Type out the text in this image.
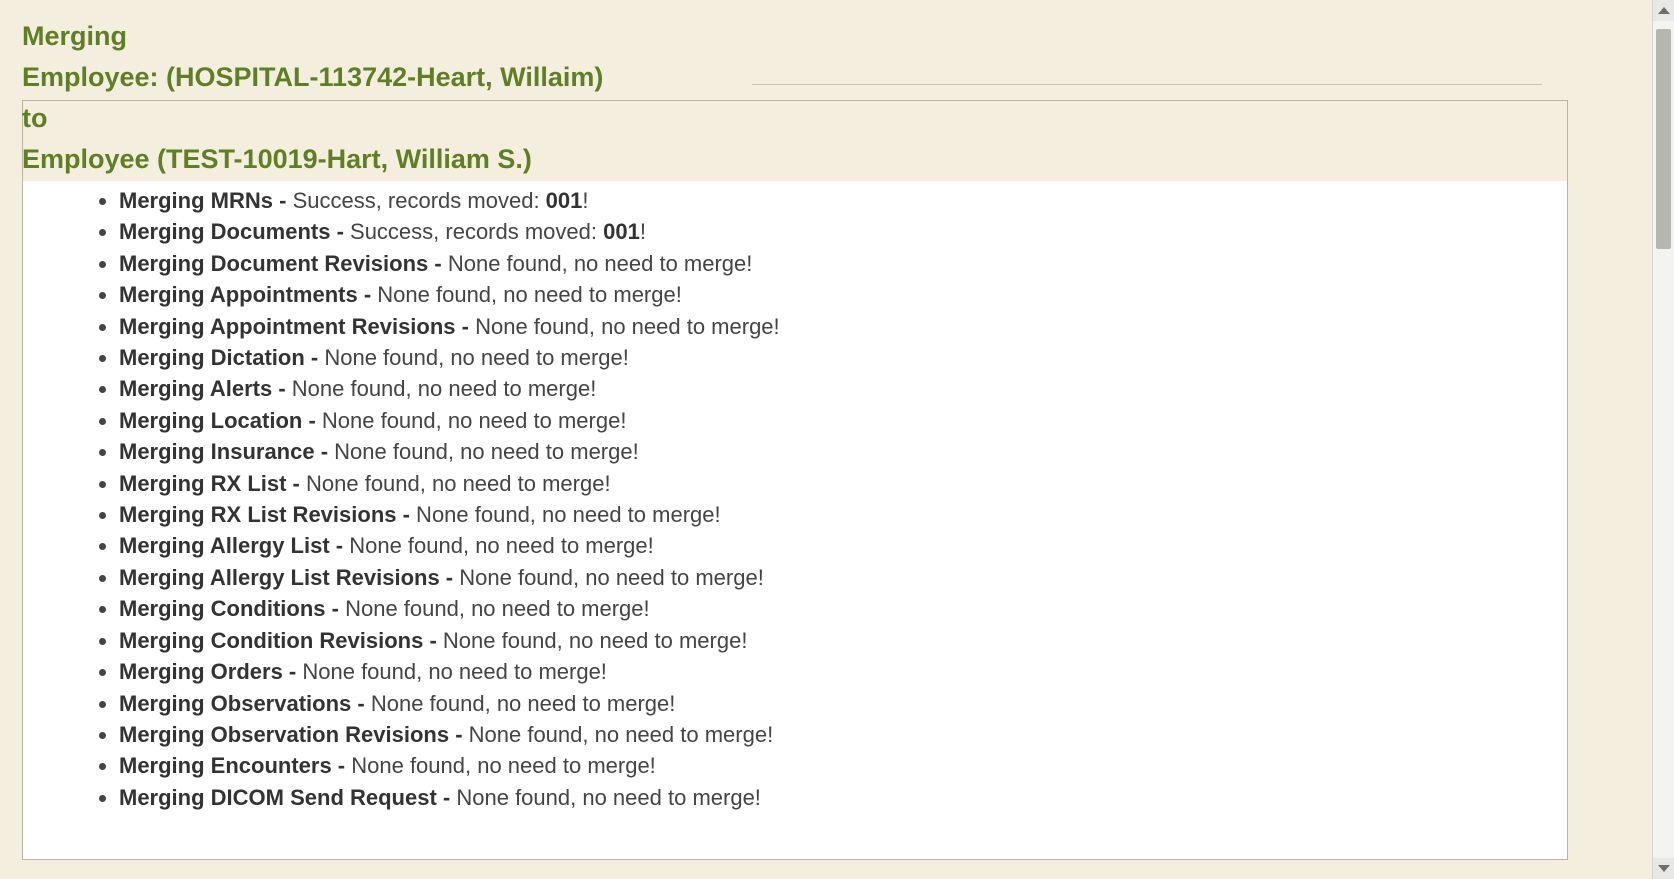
• Merging MRNs - Success, records moved: 001!
• Merging Documents - Success, records moved: 001!
• Merging Document Revisions - None found, no need to merge!
• Merging Appointments - None found, no need to merge!
• Merging Appointment Revisions - None found, no need to merge!
• Merging Dictation - None found, no need to merge!
• Merging Alerts - None found, no need to merge!
• Merging Location - None found, no need to merge!
• Merging Insurance - None found, no need to merge!
• Merging RX List - None found, no need to merge!
• Merging RX List Revisions - None found, no need to merge!
• Merging Allergy List - None found, no need to merge!
• Merging Allergy List Revisions - None found, no need to merge!
• Merging Conditions - None found, no need to merge!
• Merging Condition Revisions - None found, no need to merge!
• Merging Orders - None found, no need to merge!
• Merging Observations - None found, no need to merge!
• Merging Observation Revisions - None found, no need to merge!
• Merging Encounters - None found, no need to merge!
• Merging DICOM Send Request - None found, no need to merge!
Merging
Employee: (HOSPITAL-113742-Heart, Willaim)
to
Employee (TEST-10019-Hart, William S.)
